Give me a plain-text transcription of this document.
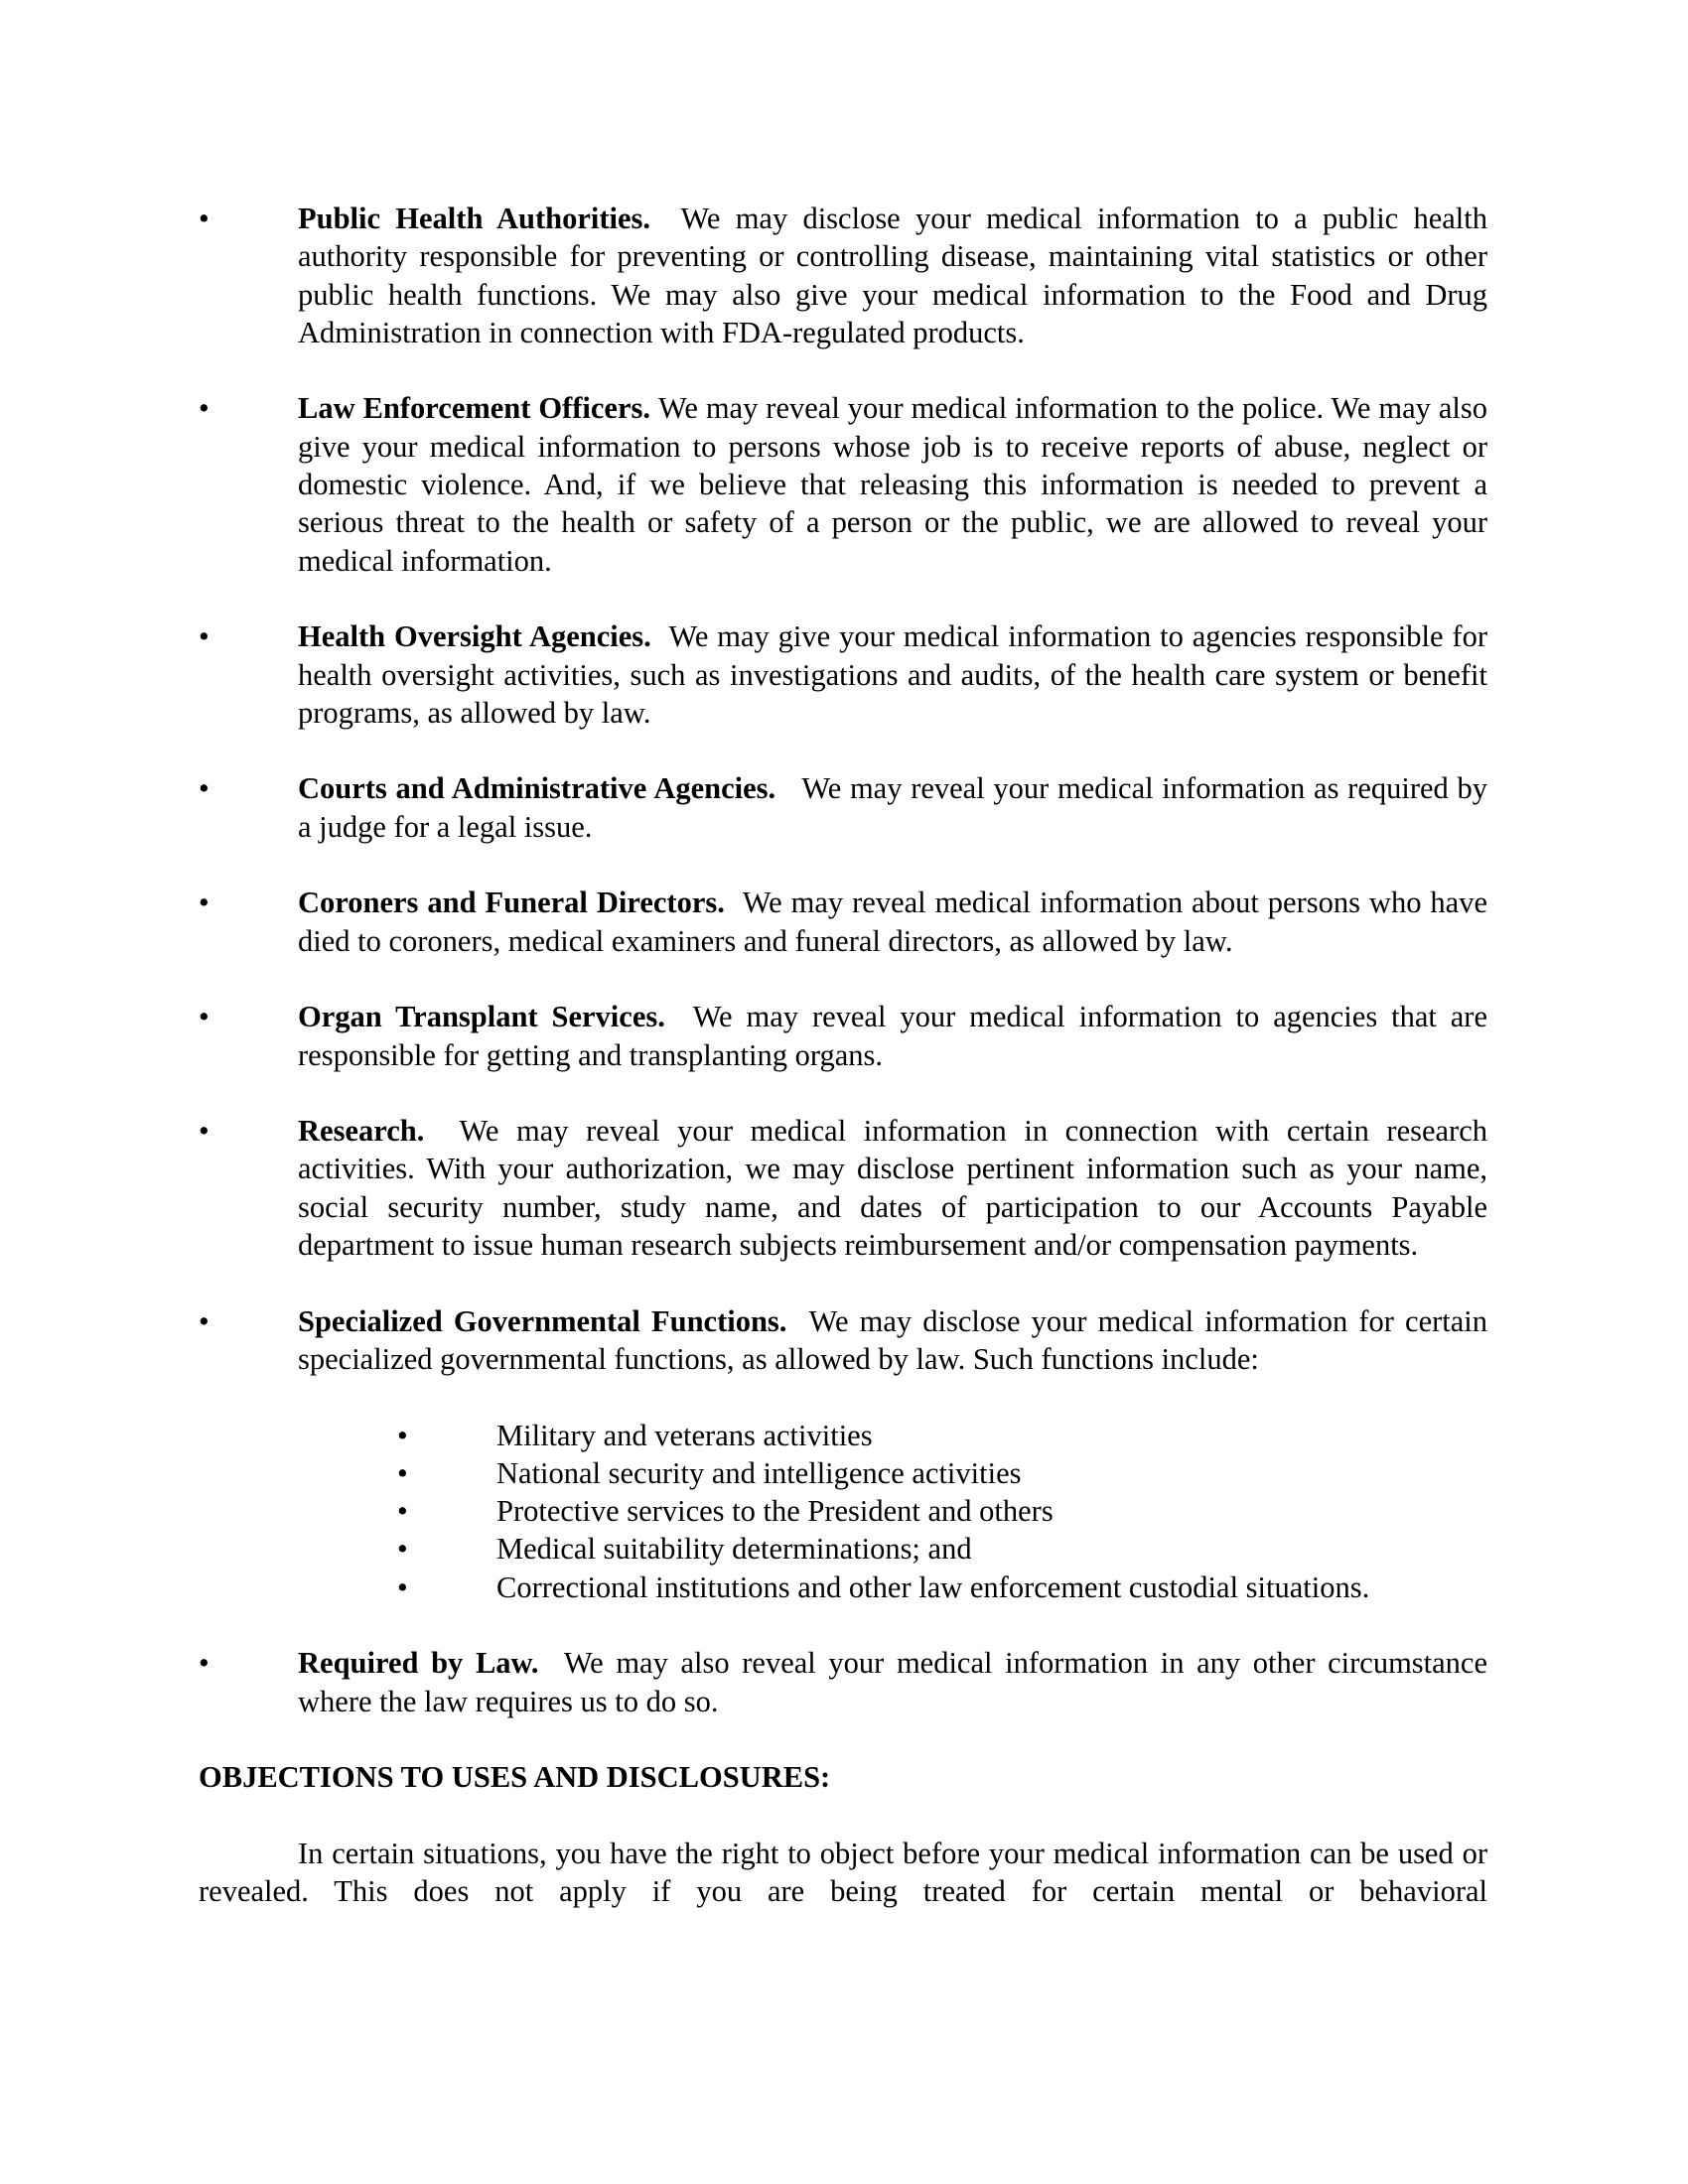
•	Public Health Authorities. We may disclose your medical information to a public health authority responsible for preventing or controlling disease, maintaining vital statistics or other public health functions. We may also give your medical information to the Food and Drug Administration in connection with FDA-regulated products.
•	Law Enforcement Officers. We may reveal your medical information to the police. We may also give your medical information to persons whose job is to receive reports of abuse, neglect or domestic violence. And, if we believe that releasing this information is needed to prevent a serious threat to the health or safety of a person or the public, we are allowed to reveal your medical information.
•	Health Oversight Agencies. We may give your medical information to agencies responsible for health oversight activities, such as investigations and audits, of the health care system or benefit programs, as allowed by law.
•	Courts and Administrative Agencies. We may reveal your medical information as required by a judge for a legal issue.
•	Coroners and Funeral Directors. We may reveal medical information about persons who have died to coroners, medical examiners and funeral directors, as allowed by law.
•	Organ Transplant Services. We may reveal your medical information to agencies that are responsible for getting and transplanting organs.
•	Research. We may reveal your medical information in connection with certain research activities. With your authorization, we may disclose pertinent information such as your name, social security number, study name, and dates of participation to our Accounts Payable department to issue human research subjects reimbursement and/or compensation payments.
•	Specialized Governmental Functions. We may disclose your medical information for certain specialized governmental functions, as allowed by law. Such functions include:
•	Military and veterans activities
•	National security and intelligence activities
•	Protective services to the President and others
•	Medical suitability determinations; and
•	Correctional institutions and other law enforcement custodial situations.
•	Required by Law. We may also reveal your medical information in any other circumstance where the law requires us to do so.
OBJECTIONS TO USES AND DISCLOSURES:
In certain situations, you have the right to object before your medical information can be used or revealed. This does not apply if you are being treated for certain mental or behavioral
